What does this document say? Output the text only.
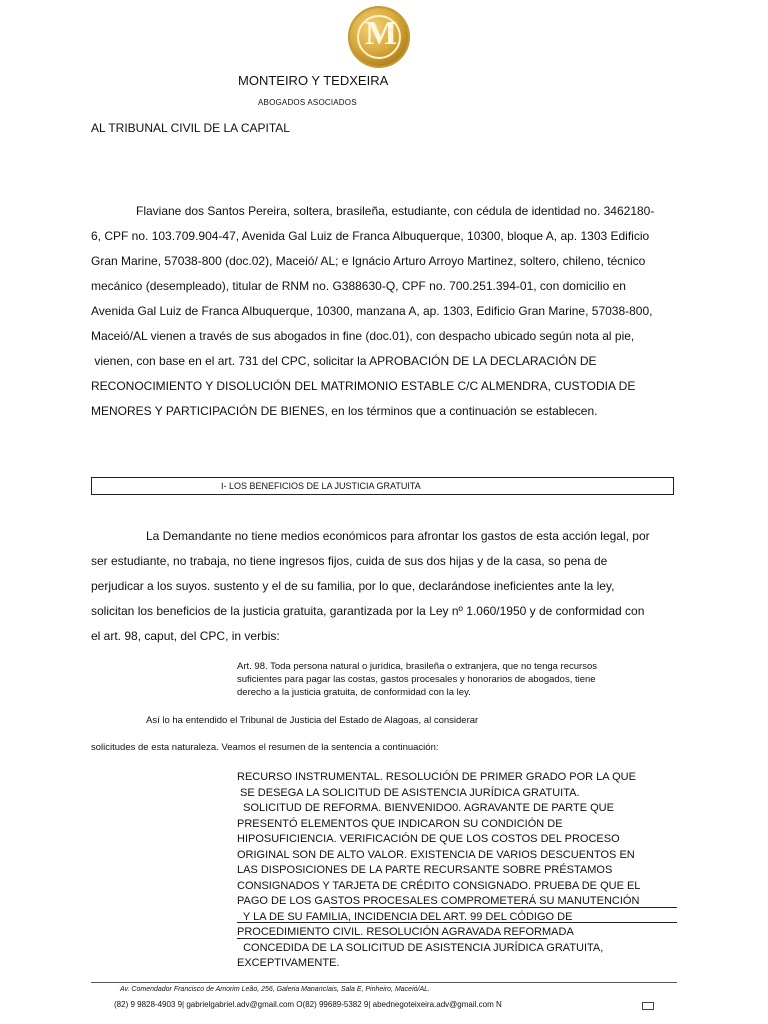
M
MONTEIRO Y TEDXEIRA
ABOGADOS ASOCIADOS
AL TRIBUNAL CIVIL DE LA CAPITAL

Flaviane dos Santos Pereira, soltera, brasileña, estudiante, con cédula de identidad no. 3462180-

6, CPF no. 103.709.904-47, Avenida Gal Luiz de Franca Albuquerque, 10300, bloque A, ap. 1303 Edificio

Gran Marine, 57038-800 (doc.02), Maceió/ AL; e Ignácio Arturo Arroyo Martinez, soltero, chileno, técnico

mecánico (desempleado), titular de RNM no. G388630-Q, CPF no. 700.251.394-01, con domicilio en

Avenida Gal Luiz de Franca Albuquerque, 10300, manzana A, ap. 1303, Edificio Gran Marine, 57038-800,

Maceió/AL vienen a través de sus abogados in fine (doc.01), con despacho ubicado según nota al pie,

vienen, con base en el art. 731 del CPC, solicitar la APROBACIÓN DE LA DECLARACIÓN DE

RECONOCIMIENTO Y DISOLUCIÓN DEL MATRIMONIO ESTABLE C/C ALMENDRA, CUSTODIA DE

MENORES Y PARTICIPACIÓN DE BIENES, en los términos que a continuación se establecen.

I- LOS BENEFICIOS DE LA JUSTICIA GRATUITA

La Demandante no tiene medios económicos para afrontar los gastos de esta acción legal, por

ser estudiante, no trabaja, no tiene ingresos fijos, cuida de sus dos hijas y de la casa, so pena de

perjudicar a los suyos. sustento y el de su familia, por lo que, declarándose ineficientes ante la ley,

solicitan los beneficios de la justicia gratuita, garantizada por la Ley nº 1.060/1950 y de conformidad con

el art. 98, caput, del CPC, in verbis:

Art. 98. Toda persona natural o jurídica, brasileña o extranjera, que no tenga recursos
suficientes para pagar las costas, gastos procesales y honorarios de abogados, tiene
derecho a la justicia gratuita, de conformidad con la ley.
Así lo ha entendido el Tribunal de Justicia del Estado de Alagoas, al considerar
solicitudes de esta naturaleza. Veamos el resumen de la sentencia a continuación:
RECURSO INSTRUMENTAL. RESOLUCIÓN DE PRIMER GRADO POR LA QUE
SE DESEGA LA SOLICITUD DE ASISTENCIA JURÍDICA GRATUITA.
SOLICITUD DE REFORMA. BIENVENIDO0. AGRAVANTE DE PARTE QUE
PRESENTÓ ELEMENTOS QUE INDICARON SU CONDICIÓN DE
HIPOSUFICIENCIA. VERIFICACIÓN DE QUE LOS COSTOS DEL PROCESO
ORIGINAL SON DE ALTO VALOR. EXISTENCIA DE VARIOS DESCUENTOS EN
LAS DISPOSICIONES DE LA PARTE RECURSANTE SOBRE PRÉSTAMOS
CONSIGNADOS Y TARJETA DE CRÉDITO CONSIGNADO. PRUEBA DE QUE EL
PAGO DE LOS GASTOS PROCESALES COMPROMETERÁ SU MANUTENCIÓN
Y LA DE SU FAMILIA, INCIDENCIA DEL ART. 99 DEL CÓDIGO DE
PROCEDIMIENTO CIVIL. RESOLUCIÓN AGRAVADA REFORMADA
CONCEDIDA DE LA SOLICITUD DE ASISTENCIA JURÍDICA GRATUITA,
EXCEPTIVAMENTE.
Av. Comendador Francisco de Amorim Leão, 256, Galeria Manancíais, Sala E, Pinheiro, Maceió/AL.
(82) 9 9828-4903 9| gabrielgabriel.adv@gmail.com O(82) 99689-5382 9| abednegoteixeira.adv@gmail.com N
